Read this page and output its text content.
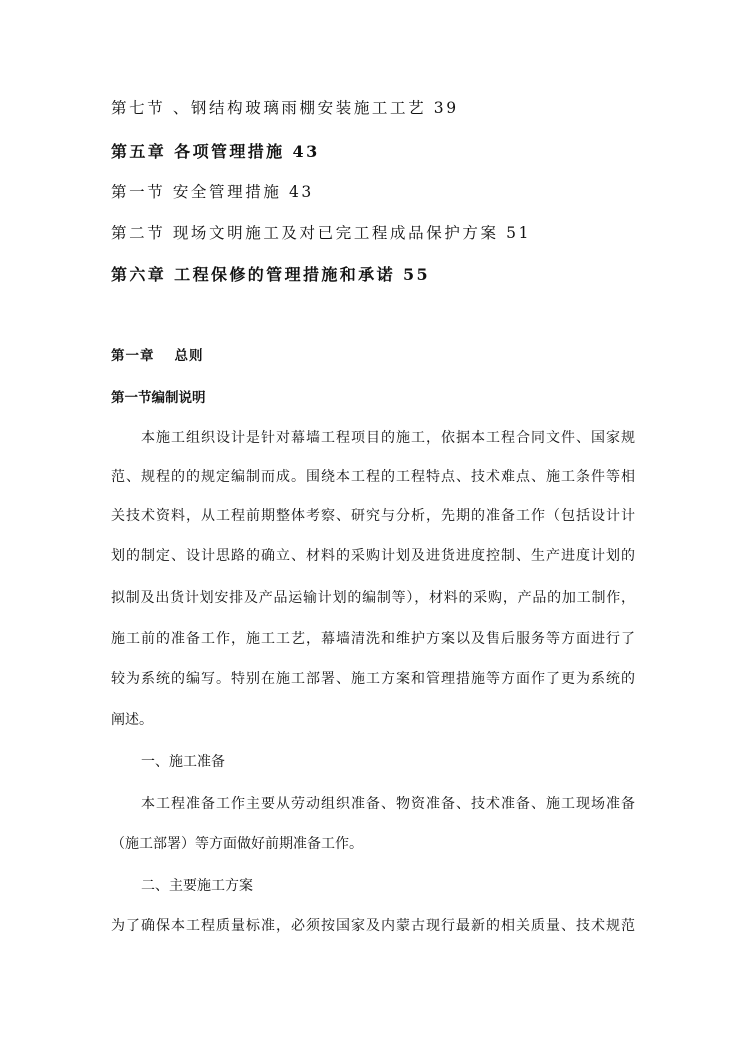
第七节 、钢结构玻璃雨棚安装施工工艺 39
第五章 各项管理措施 43
第一节 安全管理措施 43
第二节 现场文明施工及对已完工程成品保护方案 51
第六章 工程保修的管理措施和承诺 55
第一章 总则
第一节编制说明
本施工组织设计是针对幕墙工程项目的施工，依据本工程合同文件、国家规
范、规程的的规定编制而成。围绕本工程的工程特点、技术难点、施工条件等相
关技术资料，从工程前期整体考察、研究与分析，先期的准备工作（包括设计计
划的制定、设计思路的确立、材料的采购计划及进货进度控制、生产进度计划的
拟制及出货计划安排及产品运输计划的编制等），材料的采购，产品的加工制作，
施工前的准备工作，施工工艺，幕墙清洗和维护方案以及售后服务等方面进行了
较为系统的编写。特别在施工部署、施工方案和管理措施等方面作了更为系统的
阐述。
一、施工准备
本工程准备工作主要从劳动组织准备、物资准备、技术准备、施工现场准备
（施工部署）等方面做好前期准备工作。
二、主要施工方案
为了确保本工程质量标准，必须按国家及内蒙古现行最新的相关质量、技术规范
